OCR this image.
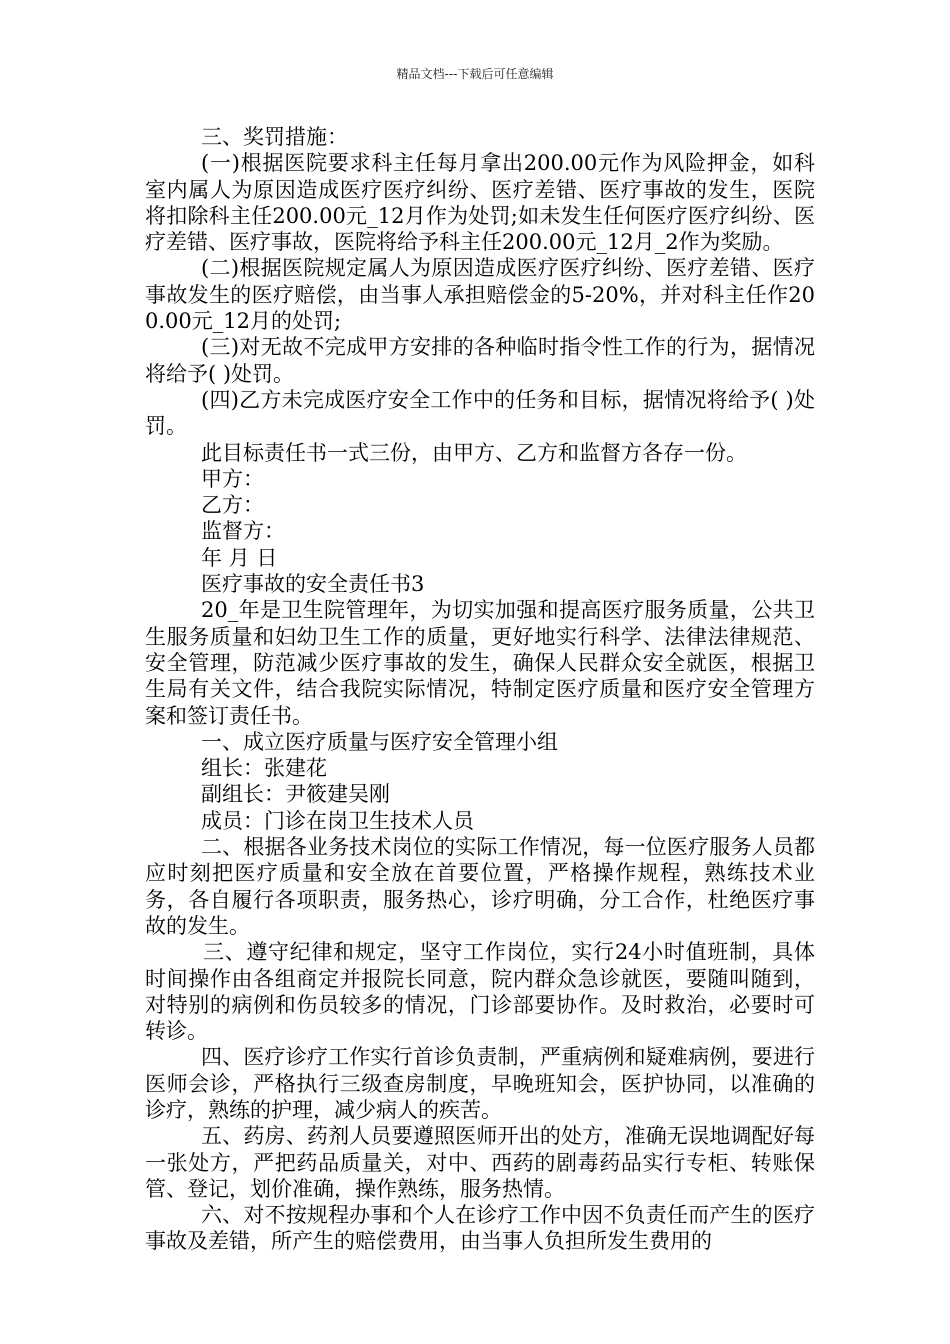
精品文档---下载后可任意编辑

三、奖罚措施：

(一)根据医院要求科主任每月拿出200.00元作为风险押金，如科室内属人为原因造成医疗医疗纠纷、医疗差错、医疗事故的发生，医院将扣除科主任200.00元_12月作为处罚;如未发生任何医疗医疗纠纷、医疗差错、医疗事故，医院将给予科主任200.00元_12月_2作为奖励。

(二)根据医院规定属人为原因造成医疗医疗纠纷、医疗差错、医疗事故发生的医疗赔偿，由当事人承担赔偿金的5-20%，并对科主任作200.00元_12月的处罚;

(三)对无故不完成甲方安排的各种临时指令性工作的行为，据情况将给予( )处罚。

(四)乙方未完成医疗安全工作中的任务和目标，据情况将给予( )处罚。

此目标责任书一式三份，由甲方、乙方和监督方各存一份。

甲方：

乙方：

监督方：

年 月 日

医疗事故的安全责任书3

20_年是卫生院管理年，为切实加强和提高医疗服务质量，公共卫生服务质量和妇幼卫生工作的质量，更好地实行科学、法律法律规范、安全管理，防范减少医疗事故的发生，确保人民群众安全就医，根据卫生局有关文件，结合我院实际情况，特制定医疗质量和医疗安全管理方案和签订责任书。

一、成立医疗质量与医疗安全管理小组

组长：张建花

副组长：尹筱建吴刚

成员：门诊在岗卫生技术人员

二、根据各业务技术岗位的实际工作情况，每一位医疗服务人员都应时刻把医疗质量和安全放在首要位置，严格操作规程，熟练技术业务，各自履行各项职责，服务热心，诊疗明确，分工合作，杜绝医疗事故的发生。

三、遵守纪律和规定，坚守工作岗位，实行24小时值班制，具体时间操作由各组商定并报院长同意，院内群众急诊就医，要随叫随到，对特别的病例和伤员较多的情况，门诊部要协作。及时救治，必要时可转诊。

四、医疗诊疗工作实行首诊负责制，严重病例和疑难病例，要进行医师会诊，严格执行三级查房制度，早晚班知会，医护协同，以准确的诊疗，熟练的护理，减少病人的疾苦。

五、药房、药剂人员要遵照医师开出的处方，准确无误地调配好每一张处方，严把药品质量关，对中、西药的剧毒药品实行专柜、转账保管、登记，划价准确，操作熟练，服务热情。

六、对不按规程办事和个人在诊疗工作中因不负责任而产生的医疗事故及差错，所产生的赔偿费用，由当事人负担所发生费用的
